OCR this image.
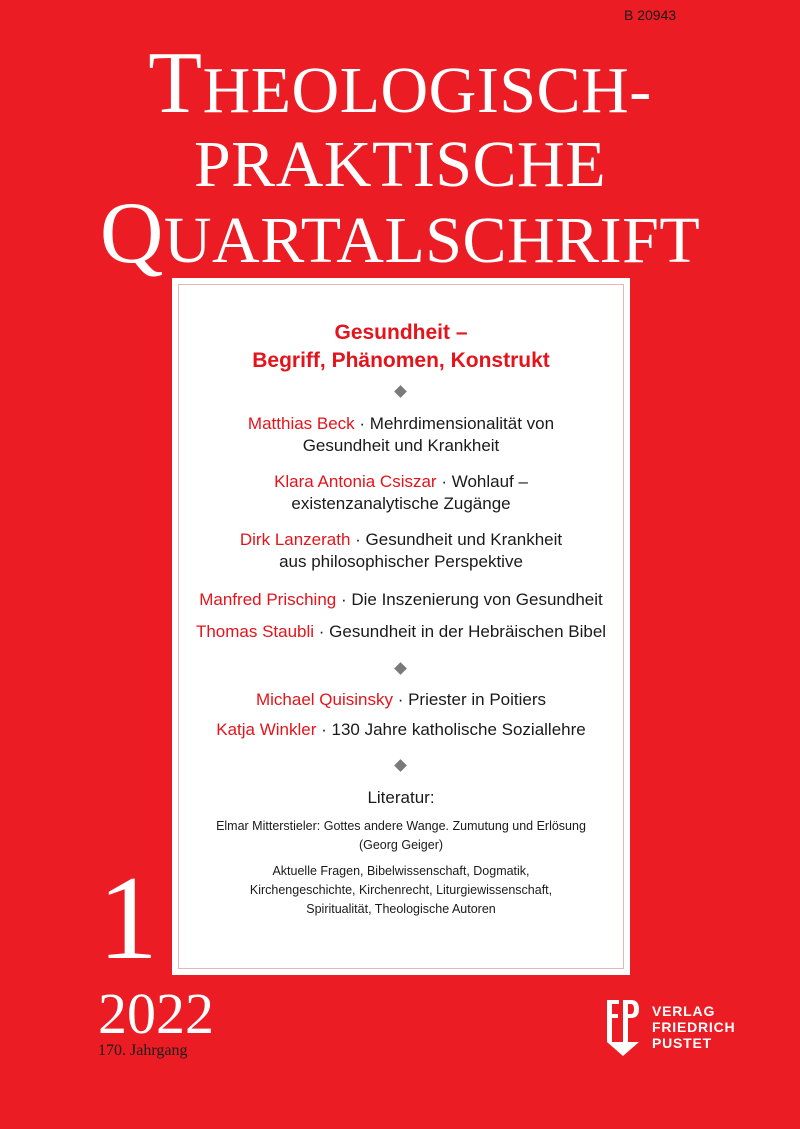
B 20943
THEOLOGISCH-
PRAKTISCHE
QUARTALSCHRIFT
Gesundheit –
Begriff, Phänomen, Konstrukt
Matthias Beck · Mehrdimensionalität von
Gesundheit und Krankheit
Klara Antonia Csiszar · Wohlauf –
existenzanalytische Zugänge
Dirk Lanzerath · Gesundheit und Krankheit
aus philosophischer Perspektive
Manfred Prisching · Die Inszenierung von Gesundheit
Thomas Staubli · Gesundheit in der Hebräischen Bibel
Michael Quisinsky · Priester in Poitiers
Katja Winkler · 130 Jahre katholische Soziallehre
Literatur:
Elmar Mitterstieler: Gottes andere Wange. Zumutung und Erlösung
(Georg Geiger)
Aktuelle Fragen, Bibelwissenschaft, Dogmatik,
Kirchengeschichte, Kirchenrecht, Liturgiewissenschaft,
Spiritualität, Theologische Autoren
1
2022
170. Jahrgang
VERLAG
FRIEDRICH
PUSTET
